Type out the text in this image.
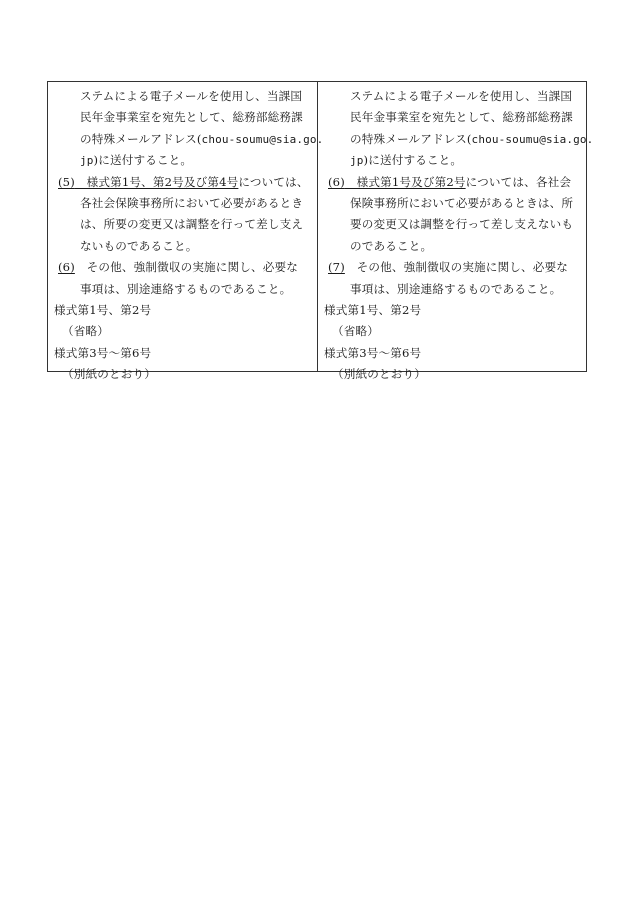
ステムによる電子メールを使用し、当課国
民年金事業室を宛先として、総務部総務課
の特殊メールアドレス(chou-soumu@sia.go.
jp)に送付すること。
(5)　様式第1号、第2号及び第4号については、
各社会保険事務所において必要があるとき
は、所要の変更又は調整を行って差し支え
ないものであること。
(6)　その他、強制徴収の実施に関し、必要な
事項は、別途連絡するものであること。
様式第1号、第2号
（省略）
様式第3号～第6号
（別紙のとおり）
ステムによる電子メールを使用し、当課国
民年金事業室を宛先として、総務部総務課
の特殊メールアドレス(chou-soumu@sia.go.
jp)に送付すること。
(6)　様式第1号及び第2号については、各社会
保険事務所において必要があるときは、所
要の変更又は調整を行って差し支えないも
のであること。
(7)　その他、強制徴収の実施に関し、必要な
事項は、別途連絡するものであること。
様式第1号、第2号
（省略）
様式第3号～第6号
（別紙のとおり）
